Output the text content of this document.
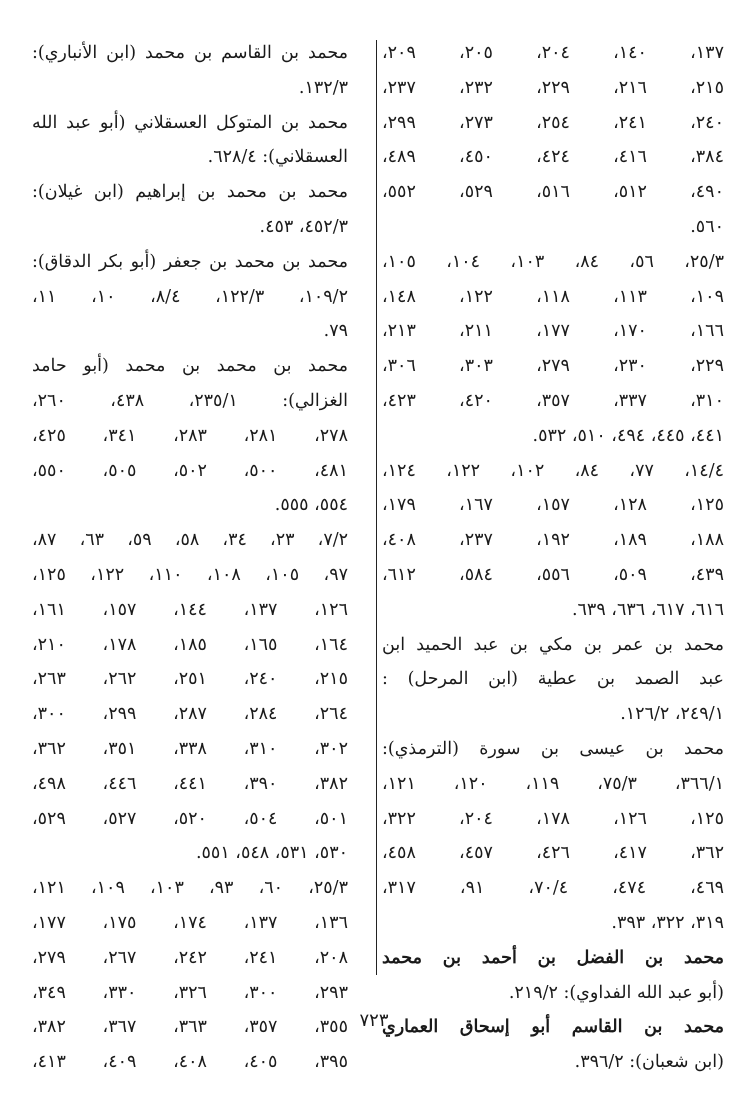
١٣٧، ١٤٠، ٢٠٤، ٢٠٥، ٢٠٩،
٢١٥، ٢١٦، ٢٢٩، ٢٣٢، ٢٣٧،
٢٤٠، ٢٤١، ٢٥٤، ٢٧٣، ٢٩٩،
٣٨٤، ٤١٦، ٤٢٤، ٤٥٠، ٤٨٩،
٤٩٠، ٥١٢، ٥١٦، ٥٢٩، ٥٥٢،
٥٦٠.
٢٥/٣، ٥٦، ٨٤، ١٠٣، ١٠٤، ١٠٥،
١٠٩، ١١٣، ١١٨، ١٢٢، ١٤٨،
١٦٦، ١٧٠، ١٧٧، ٢١١، ٢١٣،
٢٢٩، ٢٣٠، ٢٧٩، ٣٠٣، ٣٠٦،
٣١٠، ٣٣٧، ٣٥٧، ٤٢٠، ٤٢٣،
٤٤١، ٤٤٥، ٤٩٤، ٥١٠، ٥٣٢.
١٤/٤، ٧٧، ٨٤، ١٠٢، ١٢٢، ١٢٤،
١٢٥، ١٢٨، ١٥٧، ١٦٧، ١٧٩،
١٨٨، ١٨٩، ١٩٢، ٢٣٧، ٤٠٨،
٤٣٩، ٥٠٩، ٥٥٦، ٥٨٤، ٦١٢،
٦١٦، ٦١٧، ٦٣٦، ٦٣٩.
محمد بن عمر بن مكي بن عبد الحميد ابن
عبد الصمد بن عطية (ابن المرحل) :
٢٤٩/١، ١٢٦/٢.
محمد بن عيسى بن سورة (الترمذي):
٣٦٦/١، ٧٥/٣، ١١٩، ١٢٠، ١٢١،
١٢٥، ١٢٦، ١٧٨، ٢٠٤، ٣٢٢،
٣٦٢، ٤١٧، ٤٢٦، ٤٥٧، ٤٥٨،
٤٦٩، ٤٧٤، ٧٠/٤، ٩١، ٣١٧،
٣١٩، ٣٢٢، ٣٩٣.
محمد بن الفضل بن أحمد بن محمد
(أبو عبد الله الفداوي): ٢١٩/٢.
محمد بن القاسم أبو إسحاق العماري
(ابن شعبان): ٣٩٦/٢.
محمد بن القاسم بن محمد (ابن الأنباري):
١٣٢/٣.
محمد بن المتوكل العسقلاني (أبو عبد الله
العسقلاني): ٦٢٨/٤.
محمد بن محمد بن إبراهيم (ابن غيلان):
٤٥٢/٣، ٤٥٣.
محمد بن محمد بن جعفر (أبو بكر الدقاق):
١٠٩/٢، ١٢٢/٣، ٨/٤، ١٠، ١١،
٧٩.
محمد بن محمد بن محمد (أبو حامد
الغزالي): ٢٣٥/١، ٤٣٨، ٢٦٠،
٢٧٨، ٢٨١، ٢٨٣، ٣٤١، ٤٢٥،
٤٨١، ٥٠٠، ٥٠٢، ٥٠٥، ٥٥٠،
٥٥٤، ٥٥٥.
٧/٢، ٢٣، ٣٤، ٥٨، ٥٩، ٦٣، ٨٧،
٩٧، ١٠٥، ١٠٨، ١١٠، ١٢٢، ١٢٥،
١٢٦، ١٣٧، ١٤٤، ١٥٧، ١٦١،
١٦٤، ١٦٥، ١٨٥، ١٧٨، ٢١٠،
٢١٥، ٢٤٠، ٢٥١، ٢٦٢، ٢٦٣،
٢٦٤، ٢٨٤، ٢٨٧، ٢٩٩، ٣٠٠،
٣٠٢، ٣١٠، ٣٣٨، ٣٥١، ٣٦٢،
٣٨٢، ٣٩٠، ٤٤١، ٤٤٦، ٤٩٨،
٥٠١، ٥٠٤، ٥٢٠، ٥٢٧، ٥٢٩،
٥٣٠، ٥٣١، ٥٤٨، ٥٥١.
٢٥/٣، ٦٠، ٩٣، ١٠٣، ١٠٩، ١٢١،
١٣٦، ١٣٧، ١٧٤، ١٧٥، ١٧٧،
٢٠٨، ٢٤١، ٢٤٢، ٢٦٧، ٢٧٩،
٢٩٣، ٣٠٠، ٣٢٦، ٣٣٠، ٣٤٩،
٣٥٥، ٣٥٧، ٣٦٣، ٣٦٧، ٣٨٢،
٣٩٥، ٤٠٥، ٤٠٨، ٤٠٩، ٤١٣،
٧٢٣
